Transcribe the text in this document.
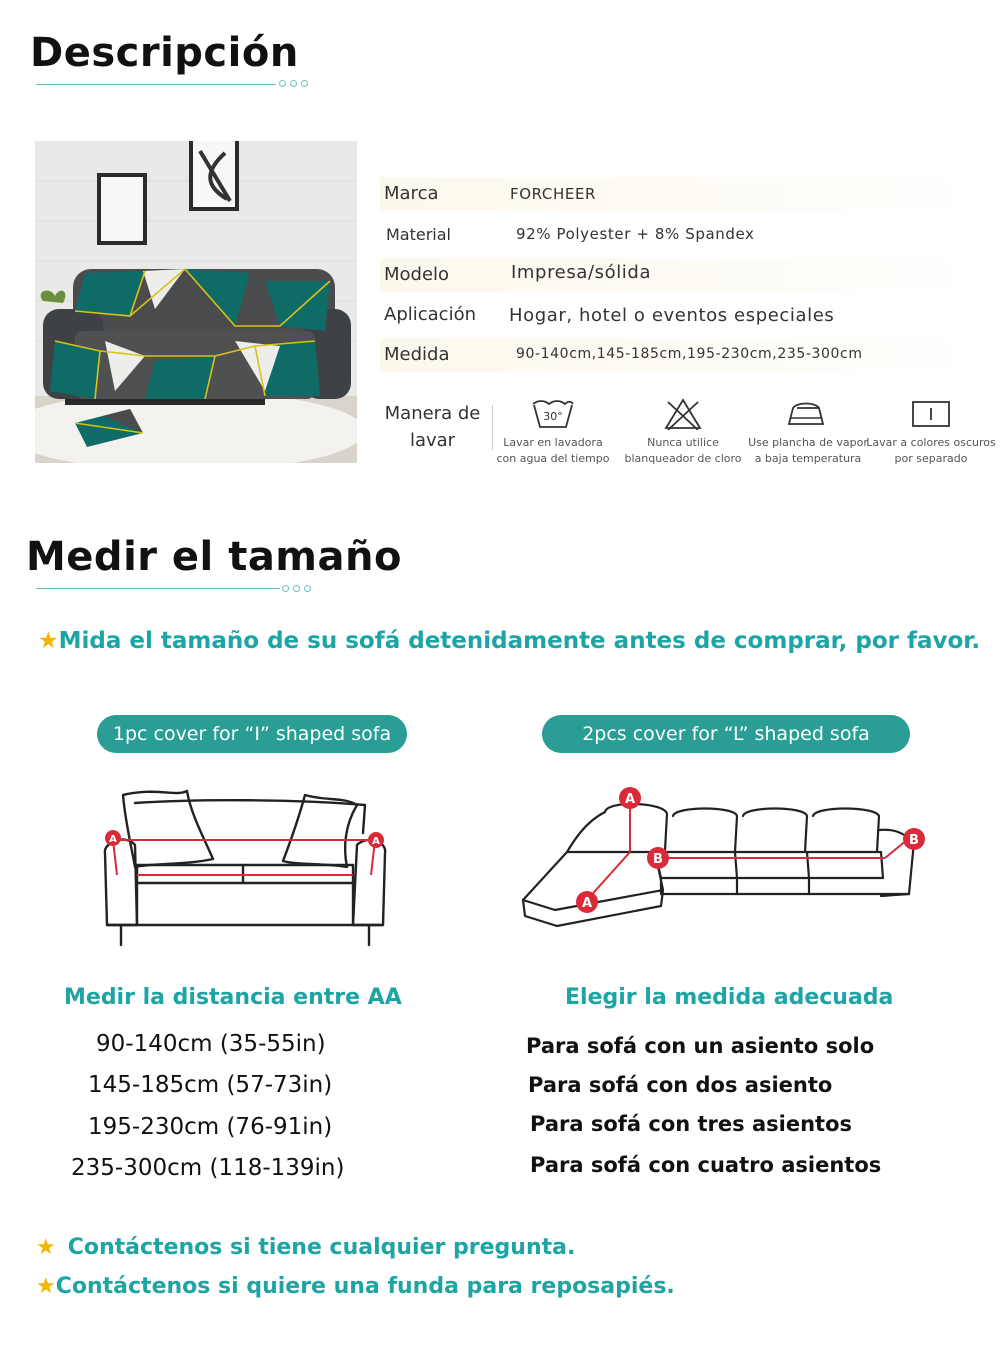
Descripción
Marca	FORCHEER
Material	92% Polyester + 8% Spandex
Modelo	Impresa/sólida
Aplicación Hogar, hotel o eventos especiales
Medida	90-140cm,145-185cm,195-230cm,235-300cm
Manera de
lavar
30°
Lavar en lavadora
con agua del tiempo
Nunca utilice
blanqueador de cloro
Use plancha de vapor
a baja temperatura
Lavar a colores oscuros
por separado
Medir el tamaño
★Mida el tamaño de su sofá detenidamente antes de comprar, por favor.
1pc cover for “I” shaped sofa	2pcs cover for “L” shaped sofa
A	A
A
A
B
B
Medir la distancia entre AA	Elegir la medida adecuada
90-140cm (35-55in)
145-185cm (57-73in)
195-230cm (76-91in)
235-300cm (118-139in)
Para sofá con un asiento solo
Para sofá con dos asiento
Para sofá con tres asientos
Para sofá con cuatro asientos
★ Contáctenos si tiene cualquier pregunta.
★Contáctenos si quiere una funda para reposapiés.
